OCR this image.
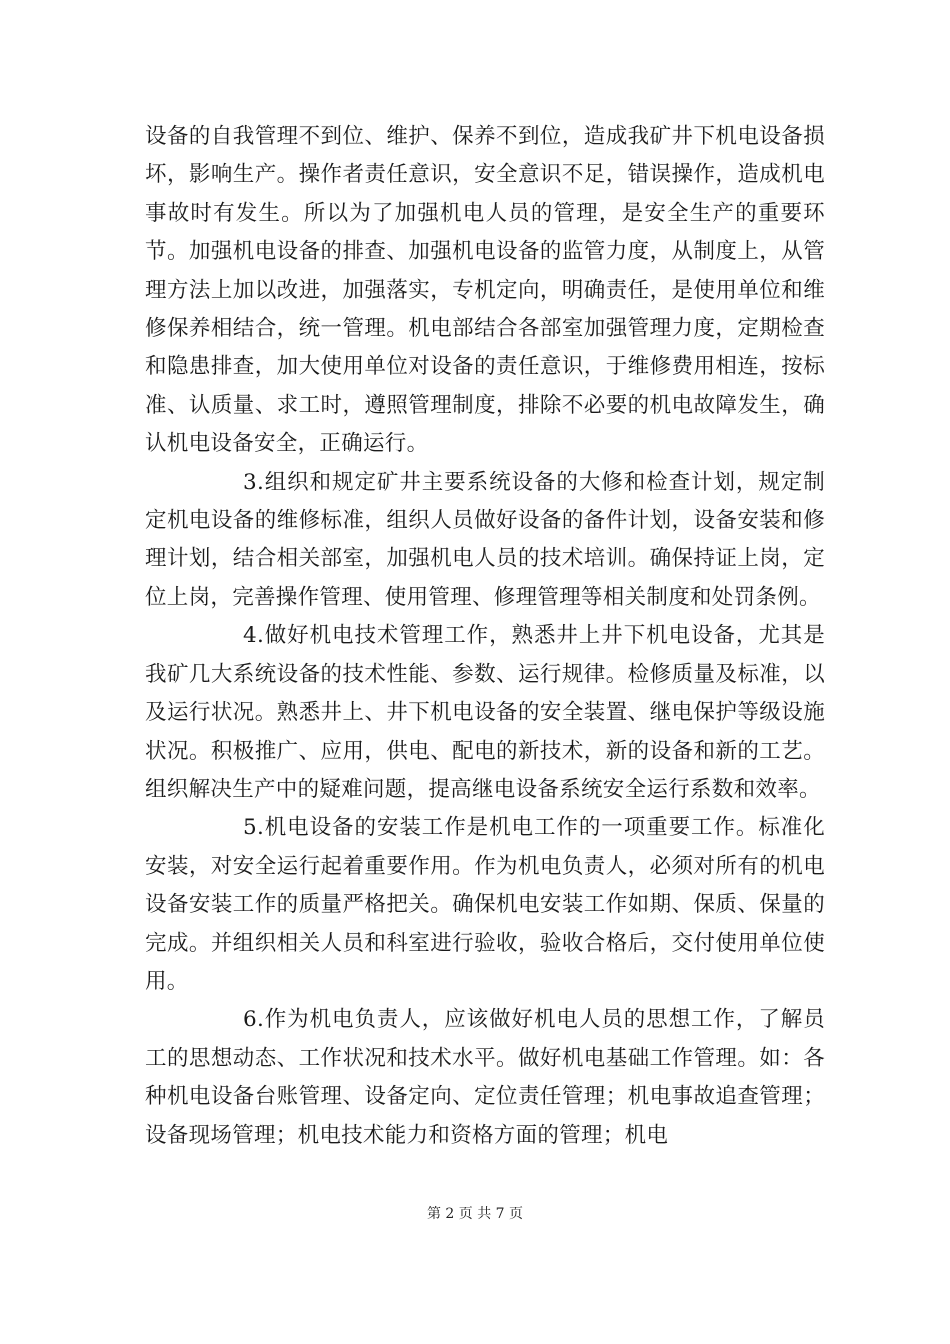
设备的自我管理不到位、维护、保养不到位，造成我矿井下机电设备损坏，影响生产。操作者责任意识，安全意识不足，错误操作，造成机电事故时有发生。所以为了加强机电人员的管理，是安全生产的重要环节。加强机电设备的排查、加强机电设备的监管力度，从制度上，从管理方法上加以改进，加强落实，专机定向，明确责任，是使用单位和维修保养相结合，统一管理。机电部结合各部室加强管理力度，定期检查和隐患排查，加大使用单位对设备的责任意识，于维修费用相连，按标准、认质量、求工时，遵照管理制度，排除不必要的机电故障发生，确认机电设备安全，正确运行。

3.组织和规定矿井主要系统设备的大修和检查计划，规定制定机电设备的维修标准，组织人员做好设备的备件计划，设备安装和修理计划，结合相关部室，加强机电人员的技术培训。确保持证上岗，定位上岗，完善操作管理、使用管理、修理管理等相关制度和处罚条例。

4.做好机电技术管理工作，熟悉井上井下机电设备，尤其是我矿几大系统设备的技术性能、参数、运行规律。检修质量及标准，以及运行状况。熟悉井上、井下机电设备的安全装置、继电保护等级设施状况。积极推广、应用，供电、配电的新技术，新的设备和新的工艺。组织解决生产中的疑难问题，提高继电设备系统安全运行系数和效率。

5.机电设备的安装工作是机电工作的一项重要工作。标准化安装，对安全运行起着重要作用。作为机电负责人，必须对所有的机电设备安装工作的质量严格把关。确保机电安装工作如期、保质、保量的完成。并组织相关人员和科室进行验收，验收合格后，交付使用单位使用。

6.作为机电负责人，应该做好机电人员的思想工作，了解员工的思想动态、工作状况和技术水平。做好机电基础工作管理。如：各种机电设备台账管理、设备定向、定位责任管理；机电事故追查管理；设备现场管理；机电技术能力和资格方面的管理；机电

第 2 页 共 7 页
